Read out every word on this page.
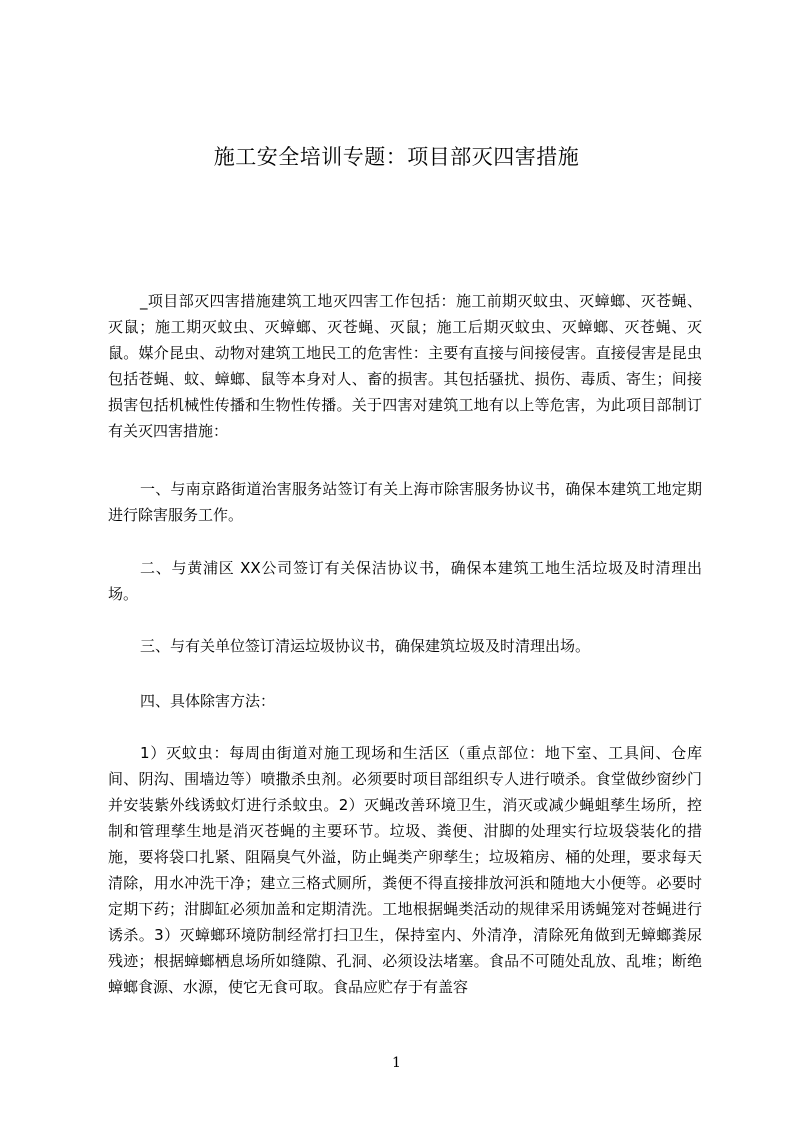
施工安全培训专题：项目部灭四害措施

_项目部灭四害措施建筑工地灭四害工作包括：施工前期灭蚊虫、灭蟑螂、灭苍蝇、灭鼠；施工期灭蚊虫、灭蟑螂、灭苍蝇、灭鼠；施工后期灭蚊虫、灭蟑螂、灭苍蝇、灭鼠。媒介昆虫、动物对建筑工地民工的危害性：主要有直接与间接侵害。直接侵害是昆虫包括苍蝇、蚊、蟑螂、鼠等本身对人、畜的损害。其包括骚扰、损伤、毒质、寄生；间接损害包括机械性传播和生物性传播。关于四害对建筑工地有以上等危害，为此项目部制订有关灭四害措施：

一、与南京路街道治害服务站签订有关上海市除害服务协议书，确保本建筑工地定期进行除害服务工作。

二、与黄浦区 XX公司签订有关保洁协议书，确保本建筑工地生活垃圾及时清理出场。

三、与有关单位签订清运垃圾协议书，确保建筑垃圾及时清理出场。

四、具体除害方法：

1）灭蚊虫：每周由街道对施工现场和生活区（重点部位：地下室、工具间、仓库间、阴沟、围墙边等）喷撒杀虫剂。必须要时项目部组织专人进行喷杀。食堂做纱窗纱门并安装紫外线诱蚊灯进行杀蚊虫。2）灭蝇改善环境卫生，消灭或减少蝇蛆孳生场所，控制和管理孳生地是消灭苍蝇的主要环节。垃圾、粪便、泔脚的处理实行垃圾袋装化的措施，要将袋口扎紧、阻隔臭气外溢，防止蝇类产卵孳生；垃圾箱房、桶的处理，要求每天清除，用水冲洗干净；建立三格式厕所，粪便不得直接排放河浜和随地大小便等。必要时定期下药；泔脚缸必须加盖和定期清洗。工地根据蝇类活动的规律采用诱蝇笼对苍蝇进行诱杀。3）灭蟑螂环境防制经常打扫卫生，保持室内、外清净，清除死角做到无蟑螂粪尿残迹；根据蟑螂栖息场所如缝隙、孔洞、必须设法堵塞。食品不可随处乱放、乱堆；断绝蟑螂食源、水源，使它无食可取。食品应贮存于有盖容

1
